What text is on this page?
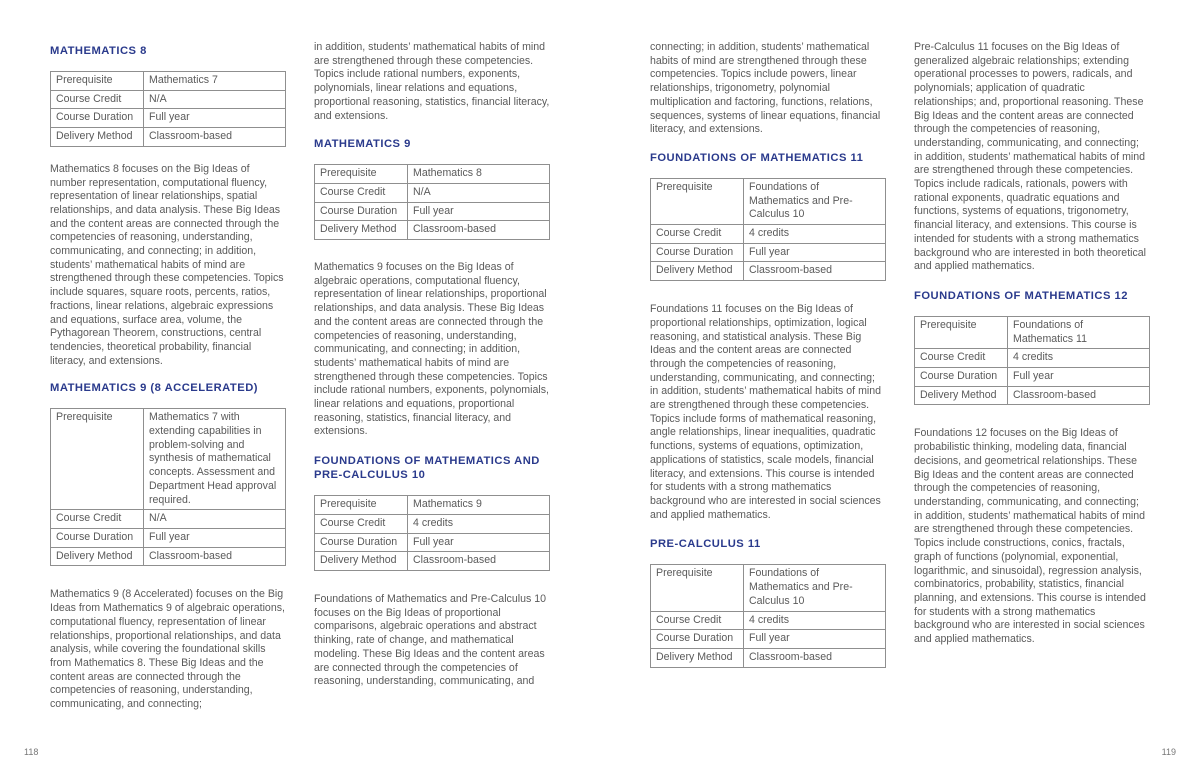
MATHEMATICS 8
Prerequisite	Mathematics 7
Course Credit	N/A
Course Duration	Full year
Delivery Method	Classroom-based

Mathematics 8 focuses on the Big Ideas of number representation, computational fluency, representation of linear relationships, spatial relationships, and data analysis. These Big Ideas and the content areas are connected through the competencies of reasoning, understanding, communicating, and connecting; in addition, students’ mathematical habits of mind are strengthened through these competencies. Topics include squares, square roots, percents, ratios, fractions, linear relations, algebraic expressions and equations, surface area, volume, the Pythagorean Theorem, constructions, central tendencies, theoretical probability, financial literacy, and extensions.

MATHEMATICS 9 (8 ACCELERATED)
Prerequisite	Mathematics 7 with extending capabilities in problem-solving and synthesis of mathematical concepts. Assessment and Department Head approval required.
Course Credit	N/A
Course Duration	Full year
Delivery Method	Classroom-based

Mathematics 9 (8 Accelerated) focuses on the Big Ideas from Mathematics 9 of algebraic operations, computational fluency, representation of linear relationships, proportional relationships, and data analysis, while covering the foundational skills from Mathematics 8. These Big Ideas and the content areas are connected through the competencies of reasoning, understanding, communicating, and connecting;

in addition, students’ mathematical habits of mind are strengthened through these competencies. Topics include rational numbers, exponents, polynomials, linear relations and equations, proportional reasoning, statistics, financial literacy, and extensions.

MATHEMATICS 9
Prerequisite	Mathematics 8
Course Credit	N/A
Course Duration	Full year
Delivery Method	Classroom-based

Mathematics 9 focuses on the Big Ideas of algebraic operations, computational fluency, representation of linear relationships, proportional relationships, and data analysis. These Big Ideas and the content areas are connected through the competencies of reasoning, understanding, communicating, and connecting; in addition, students’ mathematical habits of mind are strengthened through these competencies. Topics include rational numbers, exponents, polynomials, linear relations and equations, proportional reasoning, statistics, financial literacy, and extensions.

FOUNDATIONS OF MATHEMATICS AND PRE-CALCULUS 10
Prerequisite	Mathematics 9
Course Credit	4 credits
Course Duration	Full year
Delivery Method	Classroom-based

Foundations of Mathematics and Pre-Calculus 10 focuses on the Big Ideas of proportional comparisons, algebraic operations and abstract thinking, rate of change, and mathematical modeling. These Big Ideas and the content areas are connected through the competencies of reasoning, understanding, communicating, and

connecting; in addition, students’ mathematical habits of mind are strengthened through these competencies. Topics include powers, linear relationships, trigonometry, polynomial multiplication and factoring, functions, relations, sequences, systems of linear equations, financial literacy, and extensions.

FOUNDATIONS OF MATHEMATICS 11
Prerequisite	Foundations of Mathematics and Pre-Calculus 10
Course Credit	4 credits
Course Duration	Full year
Delivery Method	Classroom-based

Foundations 11 focuses on the Big Ideas of proportional relationships, optimization, logical reasoning, and statistical analysis. These Big Ideas and the content areas are connected through the competencies of reasoning, understanding, communicating, and connecting; in addition, students’ mathematical habits of mind are strengthened through these competencies. Topics include forms of mathematical reasoning, angle relationships, linear inequalities, quadratic functions, systems of equations, optimization, applications of statistics, scale models, financial literacy, and extensions. This course is intended for students with a strong mathematics background who are interested in social sciences and applied mathematics.

PRE-CALCULUS 11
Prerequisite	Foundations of Mathematics and Pre-Calculus 10
Course Credit	4 credits
Course Duration	Full year
Delivery Method	Classroom-based

Pre-Calculus 11 focuses on the Big Ideas of generalized algebraic relationships; extending operational processes to powers, radicals, and polynomials; application of quadratic relationships; and, proportional reasoning. These Big Ideas and the content areas are connected through the competencies of reasoning, understanding, communicating, and connecting; in addition, students’ mathematical habits of mind are strengthened through these competencies. Topics include radicals, rationals, powers with rational exponents, quadratic equations and functions, systems of equations, trigonometry, financial literacy, and extensions. This course is intended for students with a strong mathematics background who are interested in both theoretical and applied mathematics.

FOUNDATIONS OF MATHEMATICS 12
Prerequisite	Foundations of Mathematics 11
Course Credit	4 credits
Course Duration	Full year
Delivery Method	Classroom-based

Foundations 12 focuses on the Big Ideas of probabilistic thinking, modeling data, financial decisions, and geometrical relationships. These Big Ideas and the content areas are connected through the competencies of reasoning, understanding, communicating, and connecting; in addition, students’ mathematical habits of mind are strengthened through these competencies. Topics include constructions, conics, fractals, graph of functions (polynomial, exponential, logarithmic, and sinusoidal), regression analysis, combinatorics, probability, statistics, financial planning, and extensions. This course is intended for students with a strong mathematics background who are interested in social sciences and applied mathematics.

118	119
